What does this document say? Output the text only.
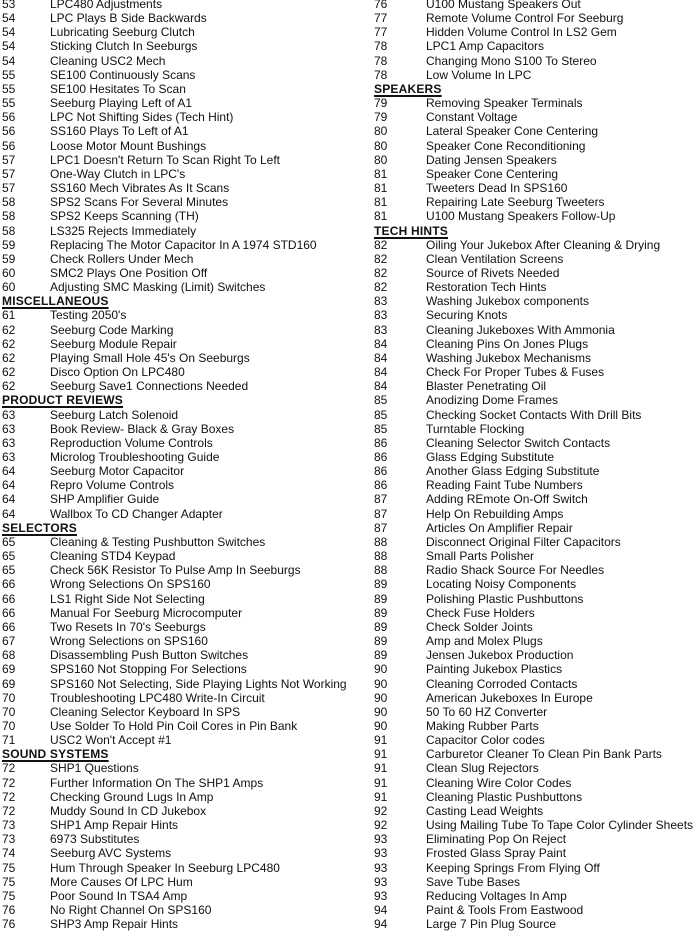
53	LPC480 Adjustments
54	LPC Plays B Side Backwards
54	Lubricating Seeburg Clutch
54	Sticking Clutch In Seeburgs
54	Cleaning USC2 Mech
55	SE100 Continuously Scans
55	SE100 Hesitates To Scan
55	Seeburg Playing Left of A1
56	LPC Not Shifting Sides (Tech Hint)
56	SS160 Plays To Left of A1
56	Loose Motor Mount Bushings
57	LPC1 Doesn't Return To Scan Right To Left
57	One-Way Clutch in LPC's
57	SS160 Mech Vibrates As It Scans
58	SPS2 Scans For Several Minutes
58	SPS2 Keeps Scanning (TH)
58	LS325 Rejects Immediately
59	Replacing The Motor Capacitor In A 1974 STD160
59	Check Rollers Under Mech
60	SMC2 Plays One Position Off
60	Adjusting SMC Masking (Limit) Switches
MISCELLANEOUS
61	Testing 2050's
62	Seeburg Code Marking
62	Seeburg Module Repair
62	Playing Small Hole 45's On Seeburgs
62	Disco Option On LPC480
62	Seeburg Save1 Connections Needed
PRODUCT REVIEWS
63	Seeburg Latch Solenoid
63	Book Review- Black & Gray Boxes
63	Reproduction Volume Controls
63	Microlog Troubleshooting Guide
64	Seeburg Motor Capacitor
64	Repro Volume Controls
64	SHP Amplifier Guide
64	Wallbox To CD Changer Adapter
SELECTORS
65	Cleaning & Testing Pushbutton Switches
65	Cleaning STD4 Keypad
65	Check 56K Resistor To Pulse Amp In Seeburgs
66	Wrong Selections On SPS160
66	LS1 Right Side Not Selecting
66	Manual For Seeburg Microcomputer
66	Two Resets In 70's Seeburgs
67	Wrong Selections on SPS160
68	Disassembling Push Button Switches
69	SPS160 Not Stopping For Selections
69	SPS160 Not Selecting, Side Playing Lights Not Working
70	Troubleshooting LPC480 Write-In Circuit
70	Cleaning Selector Keyboard In SPS
70	Use Solder To Hold Pin Coil Cores in Pin Bank
71	USC2 Won't Accept #1
SOUND SYSTEMS
72	SHP1 Questions
72	Further Information On The SHP1 Amps
72	Checking Ground Lugs In Amp
72	Muddy Sound In CD Jukebox
73	SHP1 Amp Repair Hints
73	6973 Substitutes
74	Seeburg AVC Systems
75	Hum Through Speaker In Seeburg LPC480
75	More Causes Of LPC Hum
75	Poor Sound In TSA4 Amp
76	No Right Channel On SPS160
76	SHP3 Amp Repair Hints
76	U100 Mustang Speakers Out
77	Remote Volume Control For Seeburg
77	Hidden Volume Control In LS2 Gem
78	LPC1 Amp Capacitors
78	Changing Mono S100 To Stereo
78	Low Volume In LPC
SPEAKERS
79	Removing Speaker Terminals
79	Constant Voltage
80	Lateral Speaker Cone Centering
80	Speaker Cone Reconditioning
80	Dating Jensen Speakers
81	Speaker Cone Centering
81	Tweeters Dead In SPS160
81	Repairing Late Seeburg Tweeters
81	U100 Mustang Speakers Follow-Up
TECH HINTS
82	Oiling Your Jukebox After Cleaning & Drying
82	Clean Ventilation Screens
82	Source of Rivets Needed
82	Restoration Tech Hints
83	Washing Jukebox components
83	Securing Knots
83	Cleaning Jukeboxes With Ammonia
84	Cleaning Pins On Jones Plugs
84	Washing Jukebox Mechanisms
84	Check For Proper Tubes & Fuses
84	Blaster Penetrating Oil
85	Anodizing Dome Frames
85	Checking Socket Contacts With Drill Bits
85	Turntable Flocking
86	Cleaning Selector Switch Contacts
86	Glass Edging Substitute
86	Another Glass Edging Substitute
86	Reading Faint Tube Numbers
87	Adding REmote On-Off Switch
87	Help On Rebuilding Amps
87	Articles On Amplifier Repair
88	Disconnect Original Filter Capacitors
88	Small Parts Polisher
88	Radio Shack Source For Needles
89	Locating Noisy Components
89	Polishing Plastic Pushbuttons
89	Check Fuse Holders
89	Check Solder Joints
89	Amp and Molex Plugs
89	Jensen Jukebox Production
90	Painting Jukebox Plastics
90	Cleaning Corroded Contacts
90	American Jukeboxes In Europe
90	50 To 60 HZ Converter
90	Making Rubber Parts
91	Capacitor Color codes
91	Carburetor Cleaner To Clean Pin Bank Parts
91	Clean Slug Rejectors
91	Cleaning Wire Color Codes
91	Cleaning Plastic Pushbuttons
92	Casting Lead Weights
92	Using Mailing Tube To Tape Color Cylinder Sheets
93	Eliminating Pop On Reject
93	Frosted Glass Spray Paint
93	Keeping Springs From Flying Off
93	Save Tube Bases
93	Reducing Voltages In Amp
94	Paint & Tools From Eastwood
94	Large 7 Pin Plug Source
